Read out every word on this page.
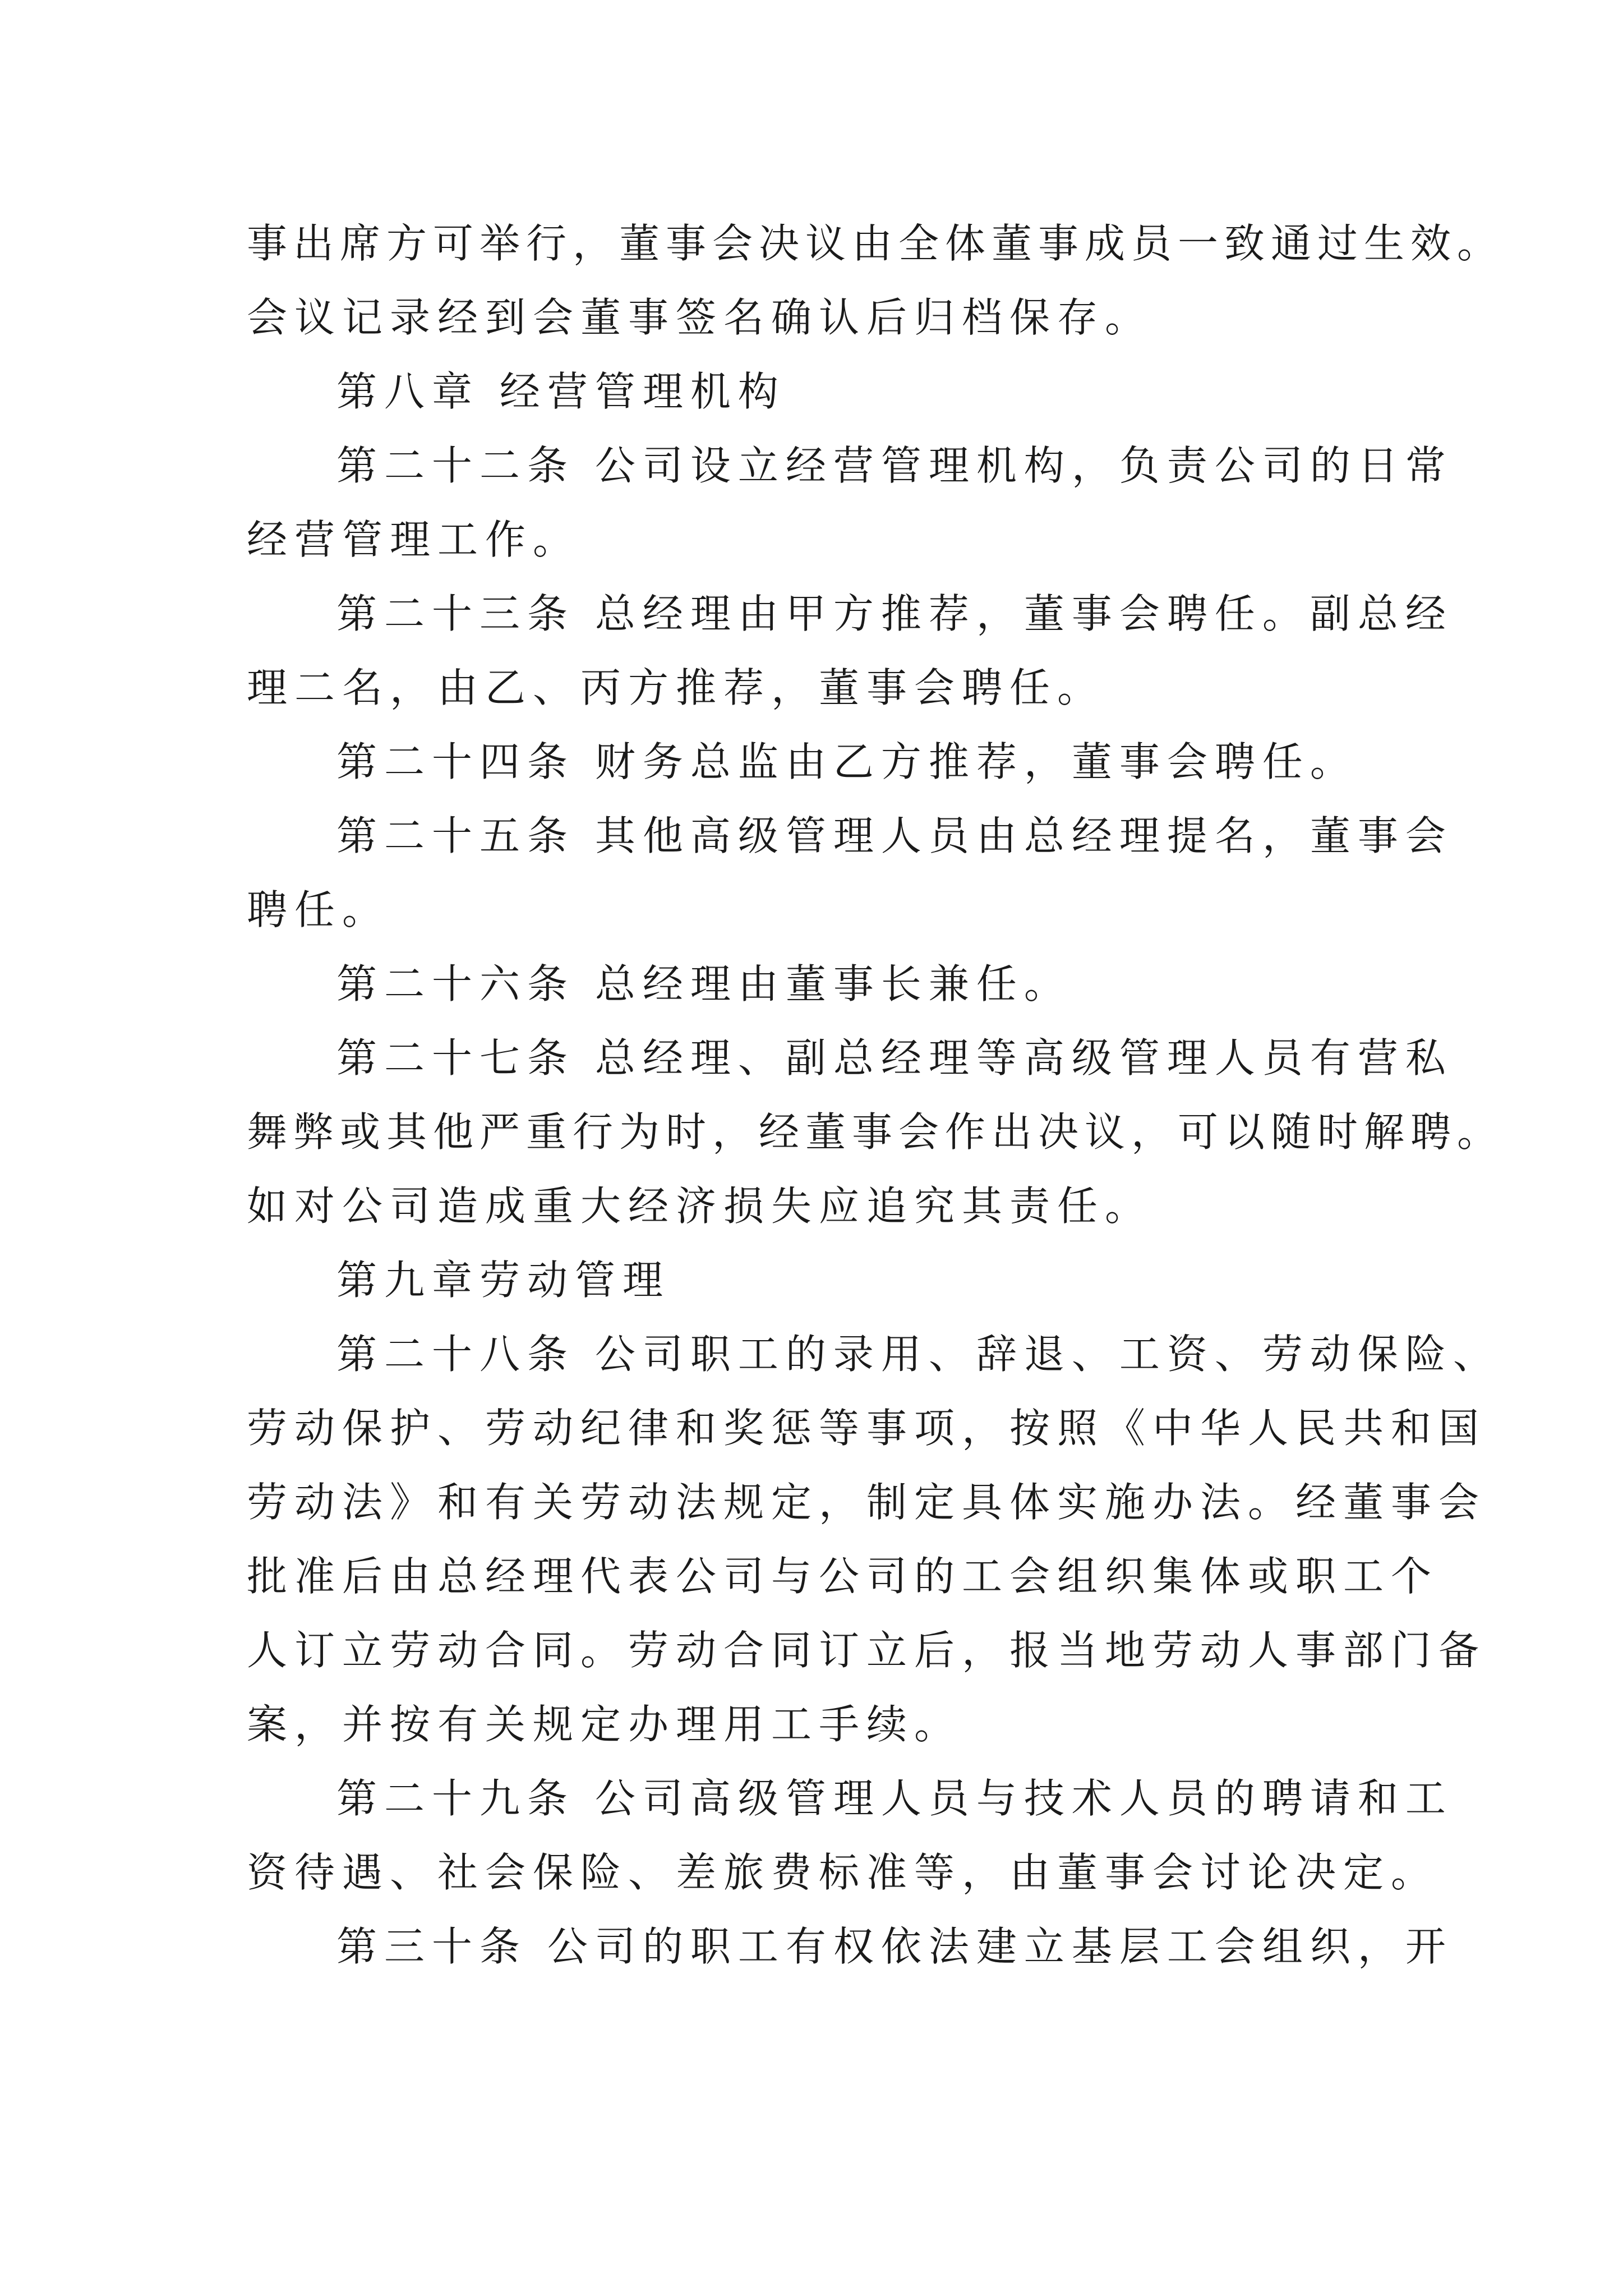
事出席方可举行，董事会决议由全体董事成员一致通过生效。
会议记录经到会董事签名确认后归档保存。
第八章 经营管理机构
第二十二条 公司设立经营管理机构，负责公司的日常
经营管理工作。
第二十三条 总经理由甲方推荐，董事会聘任。副总经
理二名，由乙、丙方推荐，董事会聘任。
第二十四条 财务总监由乙方推荐，董事会聘任。
第二十五条 其他高级管理人员由总经理提名，董事会
聘任。
第二十六条 总经理由董事长兼任。
第二十七条 总经理、副总经理等高级管理人员有营私
舞弊或其他严重行为时，经董事会作出决议，可以随时解聘。
如对公司造成重大经济损失应追究其责任。
第九章劳动管理
第二十八条 公司职工的录用、辞退、工资、劳动保险、
劳动保护、劳动纪律和奖惩等事项，按照《中华人民共和国
劳动法》和有关劳动法规定，制定具体实施办法。经董事会
批准后由总经理代表公司与公司的工会组织集体或职工个
人订立劳动合同。劳动合同订立后，报当地劳动人事部门备
案，并按有关规定办理用工手续。
第二十九条 公司高级管理人员与技术人员的聘请和工
资待遇、社会保险、差旅费标准等，由董事会讨论决定。
第三十条 公司的职工有权依法建立基层工会组织，开
